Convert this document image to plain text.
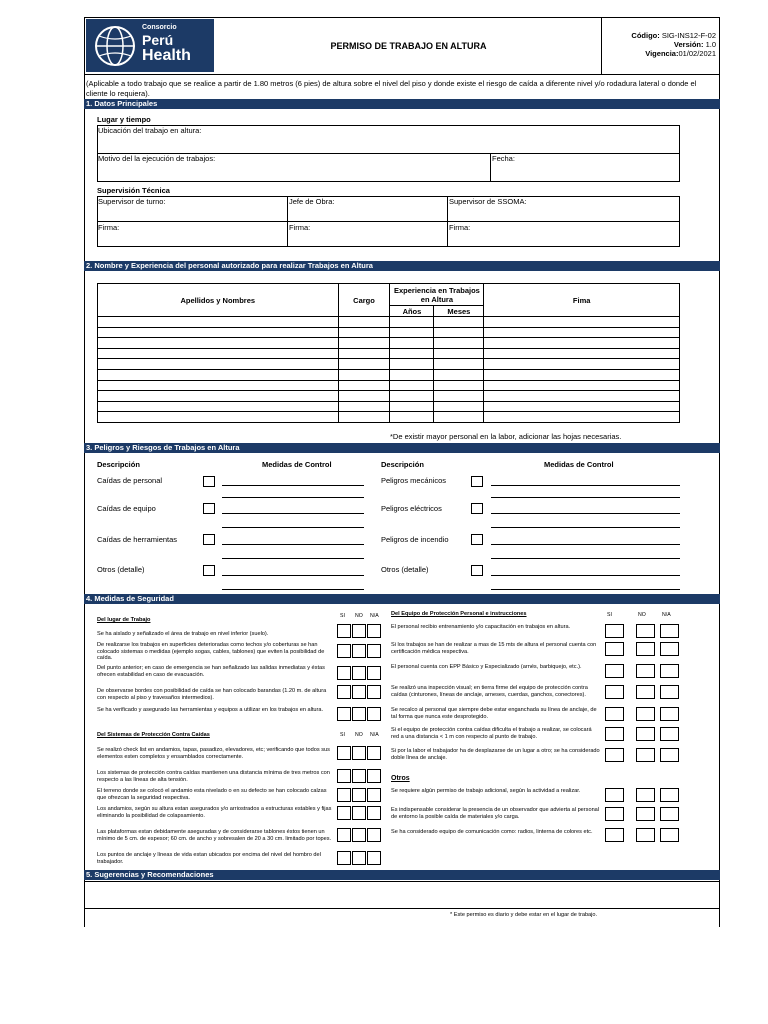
Consorcio
Perú
Health
PERMISO DE TRABAJO EN ALTURA
Código: SIG-INS12-F-02
Versión: 1.0
Vigencia:01/02/2021
(Aplicable a todo trabajo que se realice a partir de 1.80 metros (6 pies) de altura sobre el nivel del piso y donde existe el riesgo de caída a diferente nivel y/o rodadura lateral o donde el cliente lo requiera).
1. Datos Principales
Lugar y tiempo
Ubicación del trabajo en altura:
Motivo del la ejecución de trabajos:	Fecha:
Supervisión Técnica
Supervisor de turno:	Jefe de Obra:	Supervisor de SSOMA:
Firma:	Firma:	Firma:
2. Nombre y Experiencia del personal autorizado para realizar Trabajos en Altura
Apellidos y Nombres	Cargo	Experiencia en Trabajos en Altura		Fima
		Años	Meses	

*De existir mayor personal en la labor, adicionar las hojas necesarias.
3. Peligros y Riesgos de Trabajos en Altura
Descripción	Medidas de Control	Descripción	Medidas de Control
Caídas de personal
Caídas de equipo
Caídas de herramientas
Otros (detalle)
Peligros mecánicos
Peligros eléctricos
Peligros de incendio
Otros (detalle)
4. Medidas de Seguridad
SI NO N/A
Del lugar de Trabajo
Se ha aislado y señalizado el área de trabajo en nivel inferior (suelo).
De realizarse los trabajos en superficies deterioradas como techos y/o coberturas se han colocado sistemas o medidas (ejemplo sogas, cables, tablones) que eviten la posibilidad de caída.
Del punto anterior; en caso de emergencia se han señalizado las salidas inmediatas y éstas ofrecen estabilidad en caso de evacuación.
De observarse bordes con posibilidad de caída se han colocado barandas (1.20 m. de altura con respecto al piso y travesaños intermedios).
Se ha verificado y asegurado las herramientas y equipos a utilizar en los trabajos en altura.
SI NO N/A
Del Sistemas de Protección Contra Caídas
Se realizó check list en andamios, tapas, pasadizo, elevadores, etc; verificando que todos sus elementos esten completos y ensamblados correctamente.
Los sistemas de protección contra caídas mantienen una distancia mínima de tres metros con respecto a las líneas de alta tensión.
El terreno donde se colocó el andamio esta nivelado o en su defecto se han colocado calzas que ofrezcan la seguridad respectiva.
Los andamios, según su altura estan asegurados y/o arriostrados a estructuras estables y fijas eliminando la posibilidad de colapsamiento.
Las plataformas estan debidamente aseguradas y de considerarse tablones éstos tienen un mínimo de 5 cm. de espesor; 60 cm. de ancho y sobresalen de 20 a 30 cm. limitado por topes.
Los puntos de anclaje y líneas de vida estan ubicados por encima del nivel del hombro del trabajador.
Del Equipo de Protección Personal e instrucciones	SI	NO	N/A
El personal recibio entrenamiento y/o capacitación en trabajos en altura.
Si los trabajos se han de realizar a mas de 15 mts de altura el personal cuenta con certificación médica respectiva.
El personal cuenta con EPP Básico y Especializado (arnés, barbiquejo, etc.).
Se realizó una inspección visual; en tierra firme del equipo de protección contra caídas (cinturones, líneas de anclaje, arneses, cuerdas, ganchos, conectores).
Se recalco al personal que siempre debe estar enganchada su línea de anclaje, de tal forma que nunca este desprotegido.
Si el equipo de protección contra caídas dificulta el trabajo a realizar, se colocará red a una distancia < 1 m con respecto al punto de trabajo.
Si por la labor el trabajador ha de desplazarse de un lugar a otro; se ha considerado doble línea de anclaje.
Otros
Se requiere algún permiso de trabajo adicional, según la actividad a realizar.
Es indispensable considerar la presencia de un observador que advierta al personal de entorno la posible caída de materiales y/o carga.
Se ha considerado equipo de comunicación como: radios, linterna de colores etc.
5. Sugerencias y Recomendaciones
* Este permiso es diario y debe estar en el lugar de trabajo.
